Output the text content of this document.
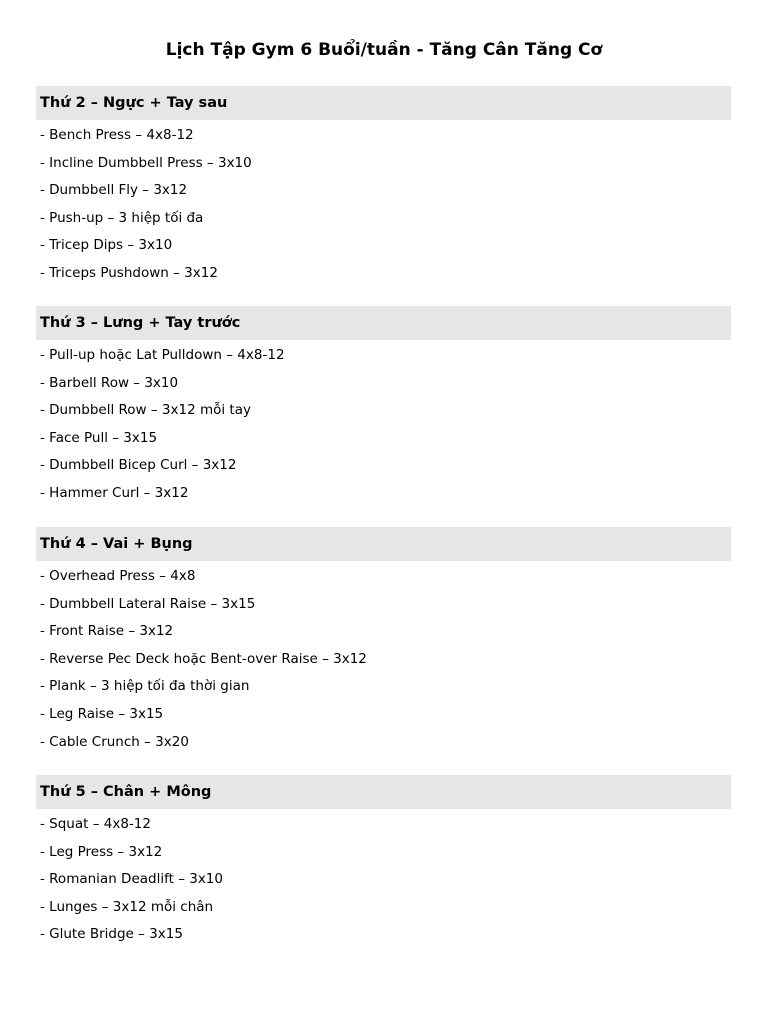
Lịch Tập Gym 6 Buổi/tuần - Tăng Cân Tăng Cơ
Thứ 2 – Ngực + Tay sau
- Bench Press – 4x8-12
- Incline Dumbbell Press – 3x10
- Dumbbell Fly – 3x12
- Push-up – 3 hiệp tối đa
- Tricep Dips – 3x10
- Triceps Pushdown – 3x12
Thứ 3 – Lưng + Tay trước
- Pull-up hoặc Lat Pulldown – 4x8-12
- Barbell Row – 3x10
- Dumbbell Row – 3x12 mỗi tay
- Face Pull – 3x15
- Dumbbell Bicep Curl – 3x12
- Hammer Curl – 3x12
Thứ 4 – Vai + Bụng
- Overhead Press – 4x8
- Dumbbell Lateral Raise – 3x15
- Front Raise – 3x12
- Reverse Pec Deck hoặc Bent-over Raise – 3x12
- Plank – 3 hiệp tối đa thời gian
- Leg Raise – 3x15
- Cable Crunch – 3x20
Thứ 5 – Chân + Mông
- Squat – 4x8-12
- Leg Press – 3x12
- Romanian Deadlift – 3x10
- Lunges – 3x12 mỗi chân
- Glute Bridge – 3x15
